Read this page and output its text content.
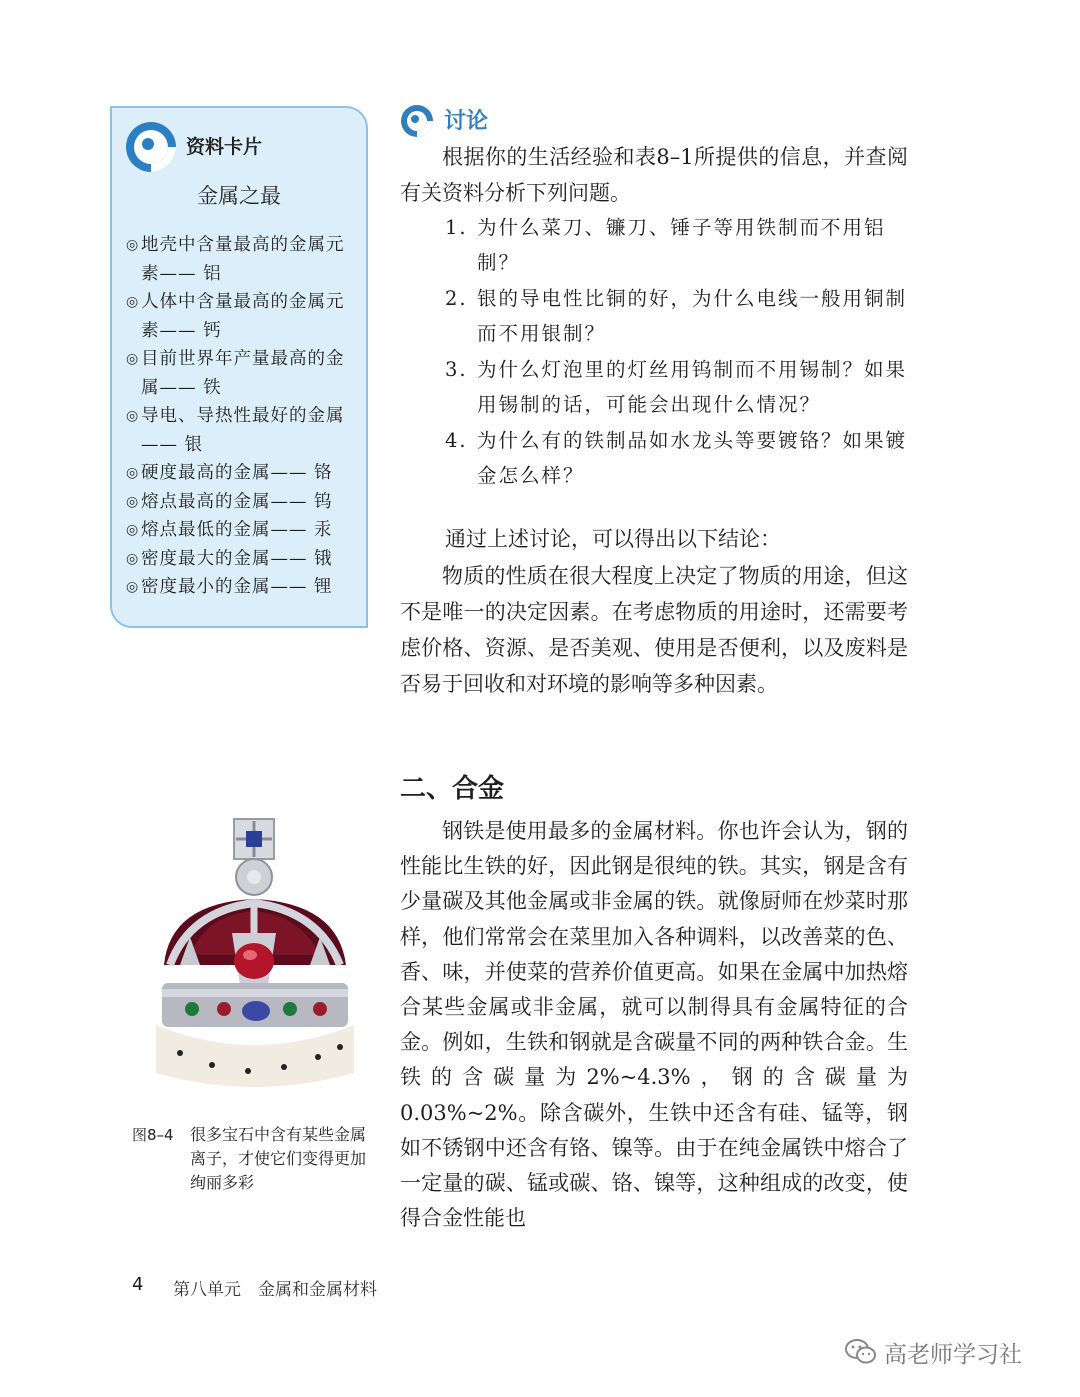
资料卡片
金属之最
◎ 地壳中含量最高的金属元素—— 铝
◎ 人体中含量最高的金属元素—— 钙
◎ 目前世界年产量最高的金属—— 铁
◎ 导电、导热性最好的金属—— 银
◎ 硬度最高的金属—— 铬
◎ 熔点最高的金属—— 钨
◎ 熔点最低的金属—— 汞
◎ 密度最大的金属—— 锇
◎ 密度最小的金属—— 锂
讨论

根据你的生活经验和表8–1所提供的信息，并查阅有关资料分析下列问题。

1. 为什么菜刀、镰刀、锤子等用铁制而不用铝制？
2. 银的导电性比铜的好，为什么电线一般用铜制而不用银制？
3. 为什么灯泡里的灯丝用钨制而不用锡制？如果用锡制的话，可能会出现什么情况？
4. 为什么有的铁制品如水龙头等要镀铬？如果镀金怎么样？

通过上述讨论，可以得出以下结论：

物质的性质在很大程度上决定了物质的用途，但这不是唯一的决定因素。在考虑物质的用途时，还需要考虑价格、资源、是否美观、使用是否便利，以及废料是否易于回收和对环境的影响等多种因素。

二、合金

钢铁是使用最多的金属材料。你也许会认为，钢的性能比生铁的好，因此钢是很纯的铁。其实，钢是含有少量碳及其他金属或非金属的铁。就像厨师在炒菜时那样，他们常常会在菜里加入各种调料，以改善菜的色、香、味，并使菜的营养价值更高。如果在金属中加热熔合某些金属或非金属，就可以制得具有金属特征的合金。例如，生铁和钢就是含碳量不同的两种铁合金。生铁的含碳量为2%~4.3%，钢的含碳量为0.03%~2%。除含碳外，生铁中还含有硅、锰等，钢如不锈钢中还含有铬、镍等。由于在纯金属铁中熔合了一定量的碳、锰或碳、铬、镍等，这种组成的改变，使得合金性能也

图8–4	很多宝石中含有某些金属离子，才使它们变得更加绚丽多彩
4 第八单元　金属和金属材料
高老师学习社
